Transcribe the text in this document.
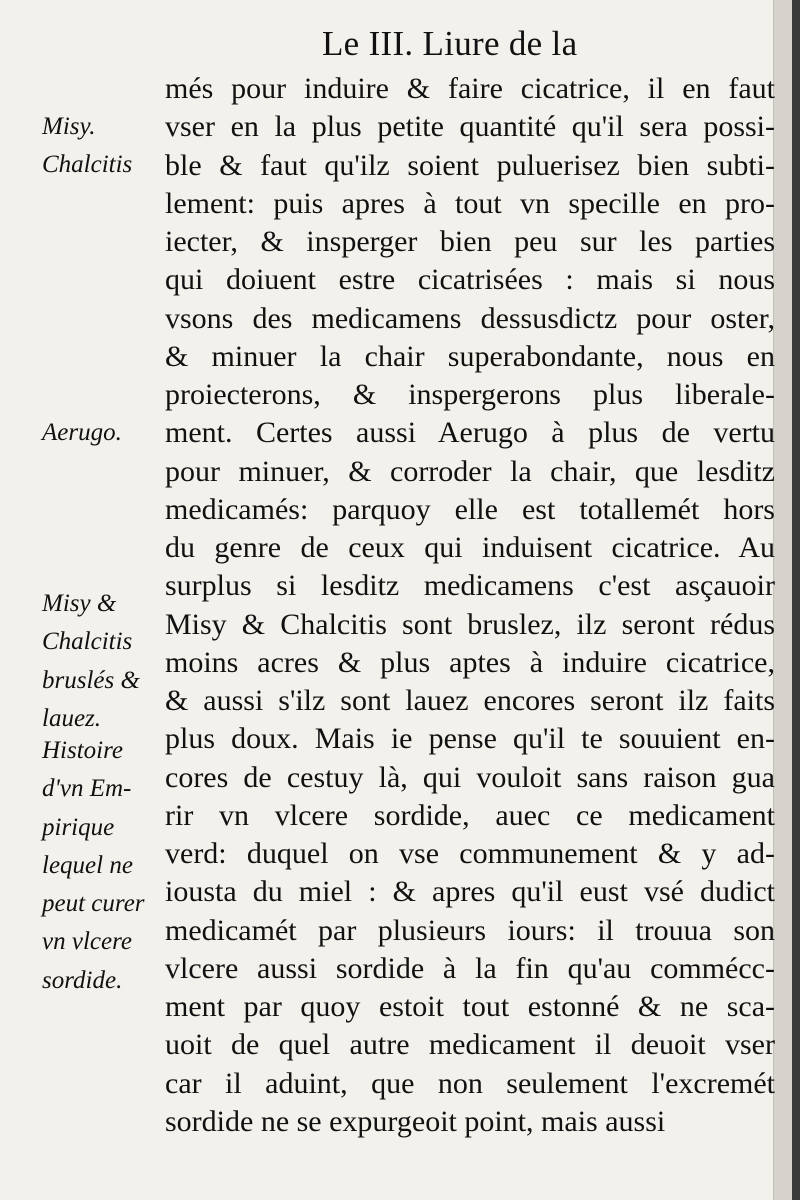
Le III. Liure de la
més pour induire & faire cicatrice, il en faut
vser en la plus petite quantité qu'il sera possi-
ble & faut qu'ilz soient puluerisez bien subti-
lement: puis apres à tout vn specille en pro-
iecter, & insperger bien peu sur les parties
qui doiuent estre cicatrisées : mais si nous
vsons des medicamens dessusdictz pour oster,
& minuer la chair superabondante, nous en
proiecterons, & inspergerons plus liberale-
ment. Certes aussi Aerugo à plus de vertu
pour minuer, & corroder la chair, que lesditz
medicamés: parquoy elle est totallemét hors
du genre de ceux qui induisent cicatrice. Au
surplus si lesditz medicamens c'est asçauoir
Misy & Chalcitis sont bruslez, ilz seront rédus
moins acres & plus aptes à induire cicatrice,
& aussi s'ilz sont lauez encores seront ilz faits
plus doux. Mais ie pense qu'il te souuient en-
cores de cestuy là, qui vouloit sans raison gua
rir vn vlcere sordide, auec ce medicament
verd: duquel on vse communement & y ad-
iousta du miel : & apres qu'il eust vsé dudict
medicamét par plusieurs iours: il trouua son
vlcere aussi sordide à la fin qu'au commécc-
ment par quoy estoit tout estonné & ne sca-
uoit de quel autre medicament il deuoit vser
car il aduint, que non seulement l'excremét
sordide ne se expurgeoit point, mais aussi
Misy.
Chalcitis
Aerugo.
Misy &
Chalcitis
bruslés &
lauez.
Histoire
d'vn Em-
pirique
lequel ne
peut curer
vn vlcere
sordide.
